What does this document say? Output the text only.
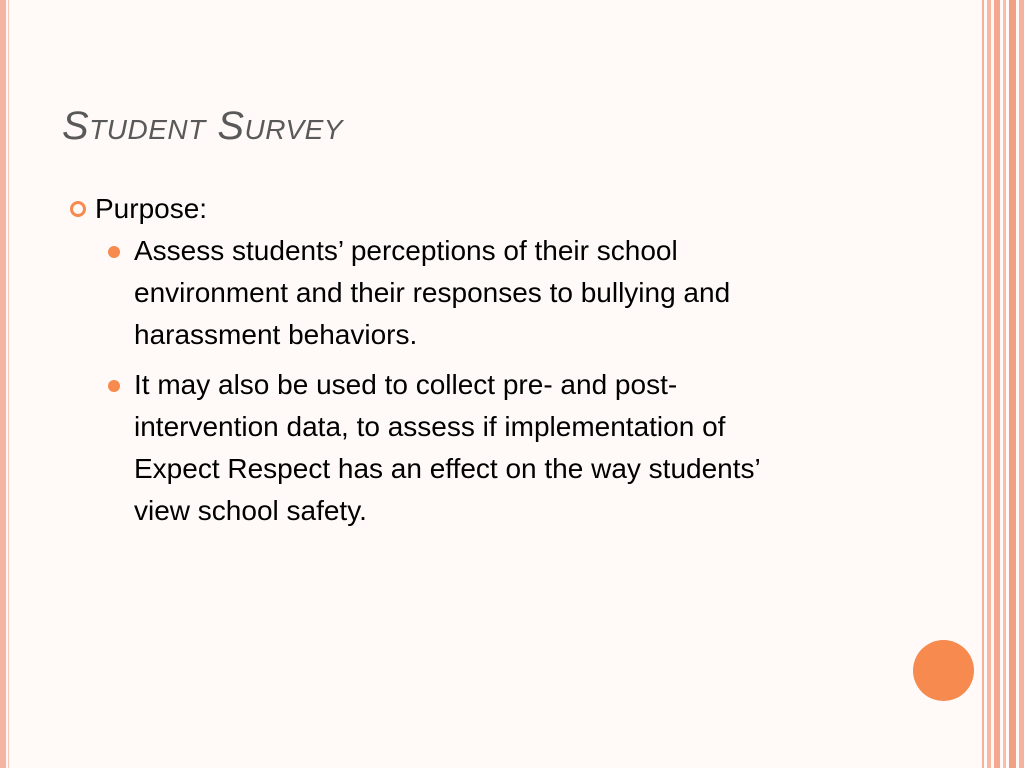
Student Survey
Purpose:
Assess students’ perceptions of their school environment and their responses to bullying and harassment behaviors.
It may also be used to collect pre- and post-intervention data, to assess if implementation of Expect Respect has an effect on the way students’ view school safety.
